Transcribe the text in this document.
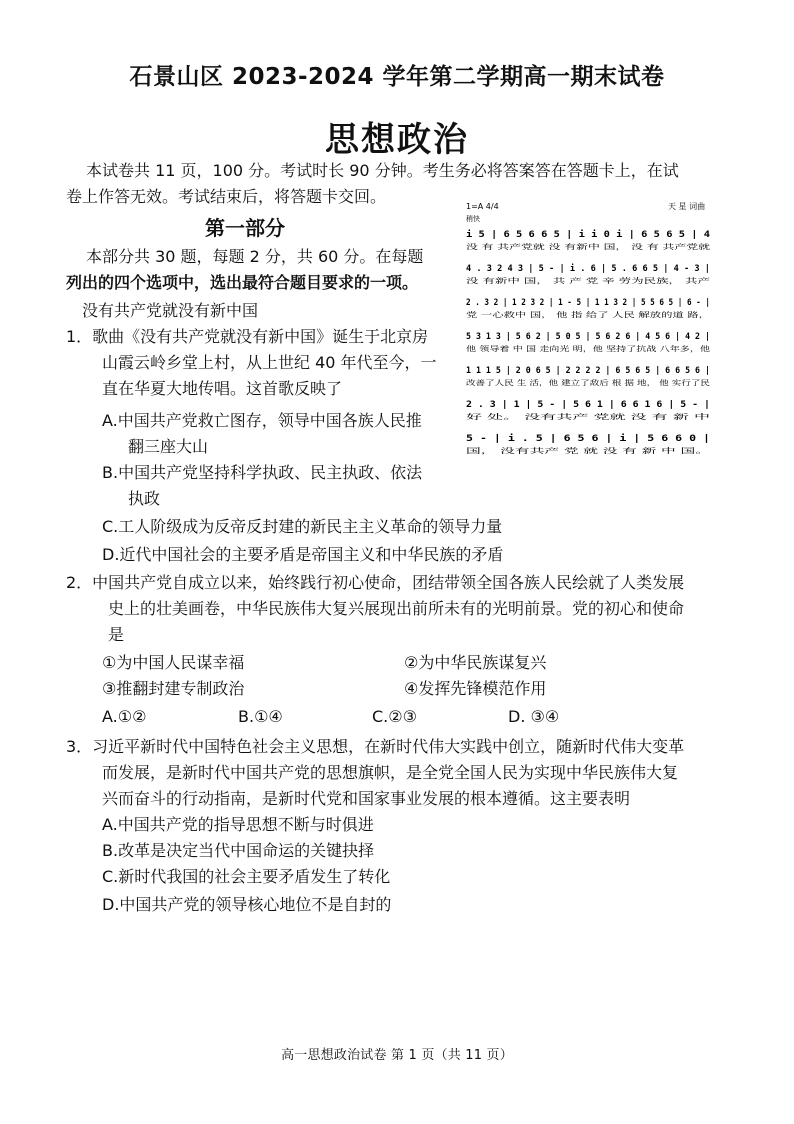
石景山区 2023-2024 学年第二学期高一期末试卷
思想政治
本试卷共 11 页，100 分。考试时长 90 分钟。考生务必将答案答在答题卡上，在试
卷上作答无效。考试结束后，将答题卡交回。
第一部分
本部分共 30 题，每题 2 分，共 60 分。在每题
列出的四个选项中，选出最符合题目要求的一项。
没有共产党就没有新中国
1．歌曲《没有共产党就没有新中国》诞生于北京房
山霞云岭乡堂上村，从上世纪 40 年代至今，一
直在华夏大地传唱。这首歌反映了
A.中国共产党救亡图存，领导中国各族人民推
翻三座大山
B.中国共产党坚持科学执政、民主执政、依法
执政
C.工人阶级成为反帝反封建的新民主主义革命的领导力量
D.近代中国社会的主要矛盾是帝国主义和中华民族的矛盾
1=A 4/4	天 星 词曲
稍快
i 5 | 6 5 6 6 5 | i i 0 i | 6 5 6 5 | 4
没 有 共产党就 没 有新中 国， 没 有 共产党就
4 . 3 2 4 3 | 5 - | i . 6 | 5 . 6 6 5 | 4 - 3 |
没 有新中 国， 共 产 党 辛 劳为民族， 共产
2 . 3 2 | 1 2 3 2 | 1 - 5 | 1 1 3 2 | 5 5 6 5 | 6 - |
党 一心救中 国， 他 指 给了 人民 解放的道 路，
5 3 1 3 | 5 6 2 | 5 0 5 | 5 6 2 6 | 4 5 6 | 4 2 |
他 领导着 中 国 走向光 明，他 坚持了抗战 八年多，他
1 1 1 5 | 2 0 6 5 | 2 2 2 2 | 6 5 6 5 | 6 6 5 6 |
改善了人民 生 活，他 建立了敌后 根 据 地， 他 实行了民
2 . 3 | 1 | 5 - | 5 6 1 | 6 6 1 6 | 5 - |
好 处。 没有共产 党就 没 有 新 中
5 - | i . 5 | 6 5 6 | i | 5 6 6 0 |
国， 没有共产 党 就 没 有 新 中 国。
2．中国共产党自成立以来，始终践行初心使命，团结带领全国各族人民绘就了人类发展
史上的壮美画卷，中华民族伟大复兴展现出前所未有的光明前景。党的初心和使命
是
①为中国人民谋幸福	②为中华民族谋复兴
③推翻封建专制政治	④发挥先锋模范作用
A.①②	B.①④	C.②③	D. ③④
3．习近平新时代中国特色社会主义思想，在新时代伟大实践中创立，随新时代伟大变革
而发展，是新时代中国共产党的思想旗帜，是全党全国人民为实现中华民族伟大复
兴而奋斗的行动指南，是新时代党和国家事业发展的根本遵循。这主要表明
A.中国共产党的指导思想不断与时俱进
B.改革是决定当代中国命运的关键抉择
C.新时代我国的社会主要矛盾发生了转化
D.中国共产党的领导核心地位不是自封的
高一思想政治试卷 第 1 页（共 11 页）
